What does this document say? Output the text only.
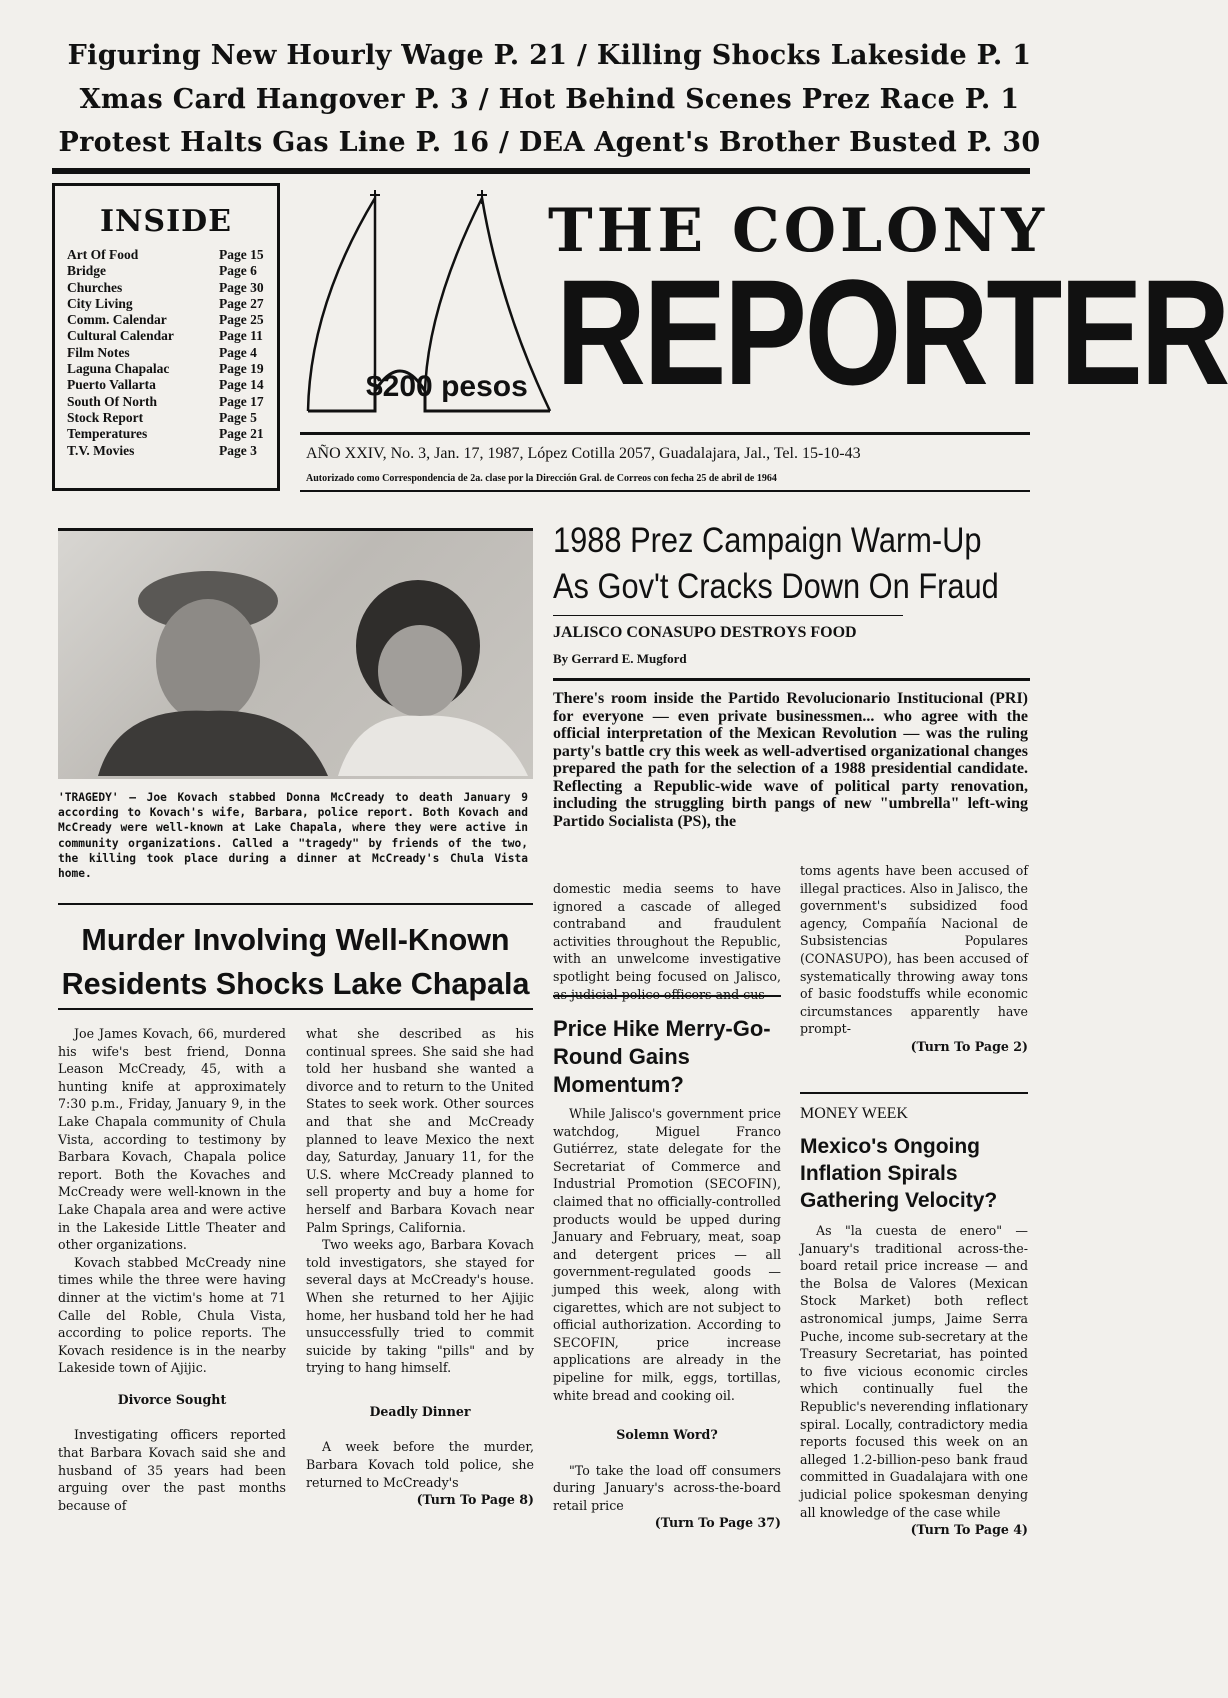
Figuring New Hourly Wage P. 21 / Killing Shocks Lakeside P. 1
Xmas Card Hangover P. 3 / Hot Behind Scenes Prez Race P. 1
Protest Halts Gas Line P. 16 / DEA Agent's Brother Busted P. 30
INSIDE
Art Of Food	Page 15
Bridge	Page 6
Churches	Page 30
City Living	Page 27
Comm. Calendar	Page 25
Cultural Calendar	Page 11
Film Notes	Page 4
Laguna Chapalac	Page 19
Puerto Vallarta	Page 14
South Of North	Page 17
Stock Report	Page 5
Temperatures	Page 21
T.V. Movies	Page 3
$200 pesos
THE COLONY
REPORTER
AÑO XXIV, No. 3, Jan. 17, 1987, López Cotilla 2057, Guadalajara, Jal., Tel. 15-10-43
Autorizado como Correspondencia de 2a. clase por la Dirección Gral. de Correos con fecha 25 de abril de 1964
'TRAGEDY' — Joe Kovach stabbed Donna McCready to death January 9 according to Kovach's wife, Barbara, police report. Both Kovach and McCready were well-known at Lake Chapala, where they were active in community organizations. Called a "tragedy" by friends of the two, the killing took place during a dinner at McCready's Chula Vista home.
Murder Involving Well-Known Residents Shocks Lake Chapala
Joe James Kovach, 66, murdered his wife's best friend, Donna Leason McCready, 45, with a hunting knife at approximately 7:30 p.m., Friday, January 9, in the Lake Chapala community of Chula Vista, according to testimony by Barbara Kovach, Chapala police report. Both the Kovaches and McCready were well-known in the Lake Chapala area and were active in the Lakeside Little Theater and other organizations.
Kovach stabbed McCready nine times while the three were having dinner at the victim's home at 71 Calle del Roble, Chula Vista, according to police reports. The Kovach residence is in the nearby Lakeside town of Ajijic.
Divorce Sought
Investigating officers reported that Barbara Kovach said she and husband of 35 years had been arguing over the past months because of
what she described as his continual sprees. She said she had told her husband she wanted a divorce and to return to the United States to seek work. Other sources and that she and McCready planned to leave Mexico the next day, Saturday, January 11, for the U.S. where McCready planned to sell property and buy a home for herself and Barbara Kovach near Palm Springs, California.
Two weeks ago, Barbara Kovach told investigators, she stayed for several days at McCready's house. When she returned to her Ajijic home, her husband told her he had unsuccessfully tried to commit suicide by taking "pills" and by trying to hang himself.
Deadly Dinner
A week before the murder, Barbara Kovach told police, she returned to McCready's
(Turn To Page 8)
1988 Prez Campaign Warm-Up
As Gov't Cracks Down On Fraud
JALISCO CONASUPO DESTROYS FOOD
By Gerrard E. Mugford
There's room inside the Partido Revolucionario Institucional (PRI) for everyone — even private businessmen... who agree with the official interpretation of the Mexican Revolution — was the ruling party's battle cry this week as well-advertised organizational changes prepared the path for the selection of a 1988 presidential candidate. Reflecting a Republic-wide wave of political party renovation, including the struggling birth pangs of new "umbrella" left-wing Partido Socialista (PS), the
domestic media seems to have ignored a cascade of alleged contraband and fraudulent activities throughout the Republic, with an unwelcome investigative spotlight being focused on Jalisco,
toms agents have been accused of illegal practices. Also in Jalisco, the government's subsidized food agency, Compañía Nacional de Subsistencias Populares (CONASUPO), has been accused of systematically throwing away tons of basic foodstuffs while economic circumstances apparently have prompt-
(Turn To Page 2)
Price Hike Merry-Go-Round Gains Momentum?
While Jalisco's government price watchdog, Miguel Franco Gutiérrez, state delegate for the Secretariat of Commerce and Industrial Promotion (SECOFIN), claimed that no officially-controlled products would be upped during January and February, meat, soap and detergent prices — all government-regulated goods — jumped this week, along with cigarettes, which are not subject to official authorization. According to SECOFIN, price increase applications are already in the pipeline for milk, eggs, tortillas, white bread and cooking oil.
Solemn Word?
"To take the load off consumers during January's across-the-board retail price
(Turn To Page 37)
MONEY WEEK
Mexico's Ongoing Inflation Spirals Gathering Velocity?
As "la cuesta de enero" — January's traditional across-the-board retail price increase — and the Bolsa de Valores (Mexican Stock Market) both reflect astronomical jumps, Jaime Serra Puche, income sub-secretary at the Treasury Secretariat, has pointed to five vicious economic circles which continually fuel the Republic's neverending inflationary spiral. Locally, contradictory media reports focused this week on an alleged 1.2-billion-peso bank fraud committed in Guadalajara with one judicial police spokesman denying all knowledge of the case while
(Turn To Page 4)
